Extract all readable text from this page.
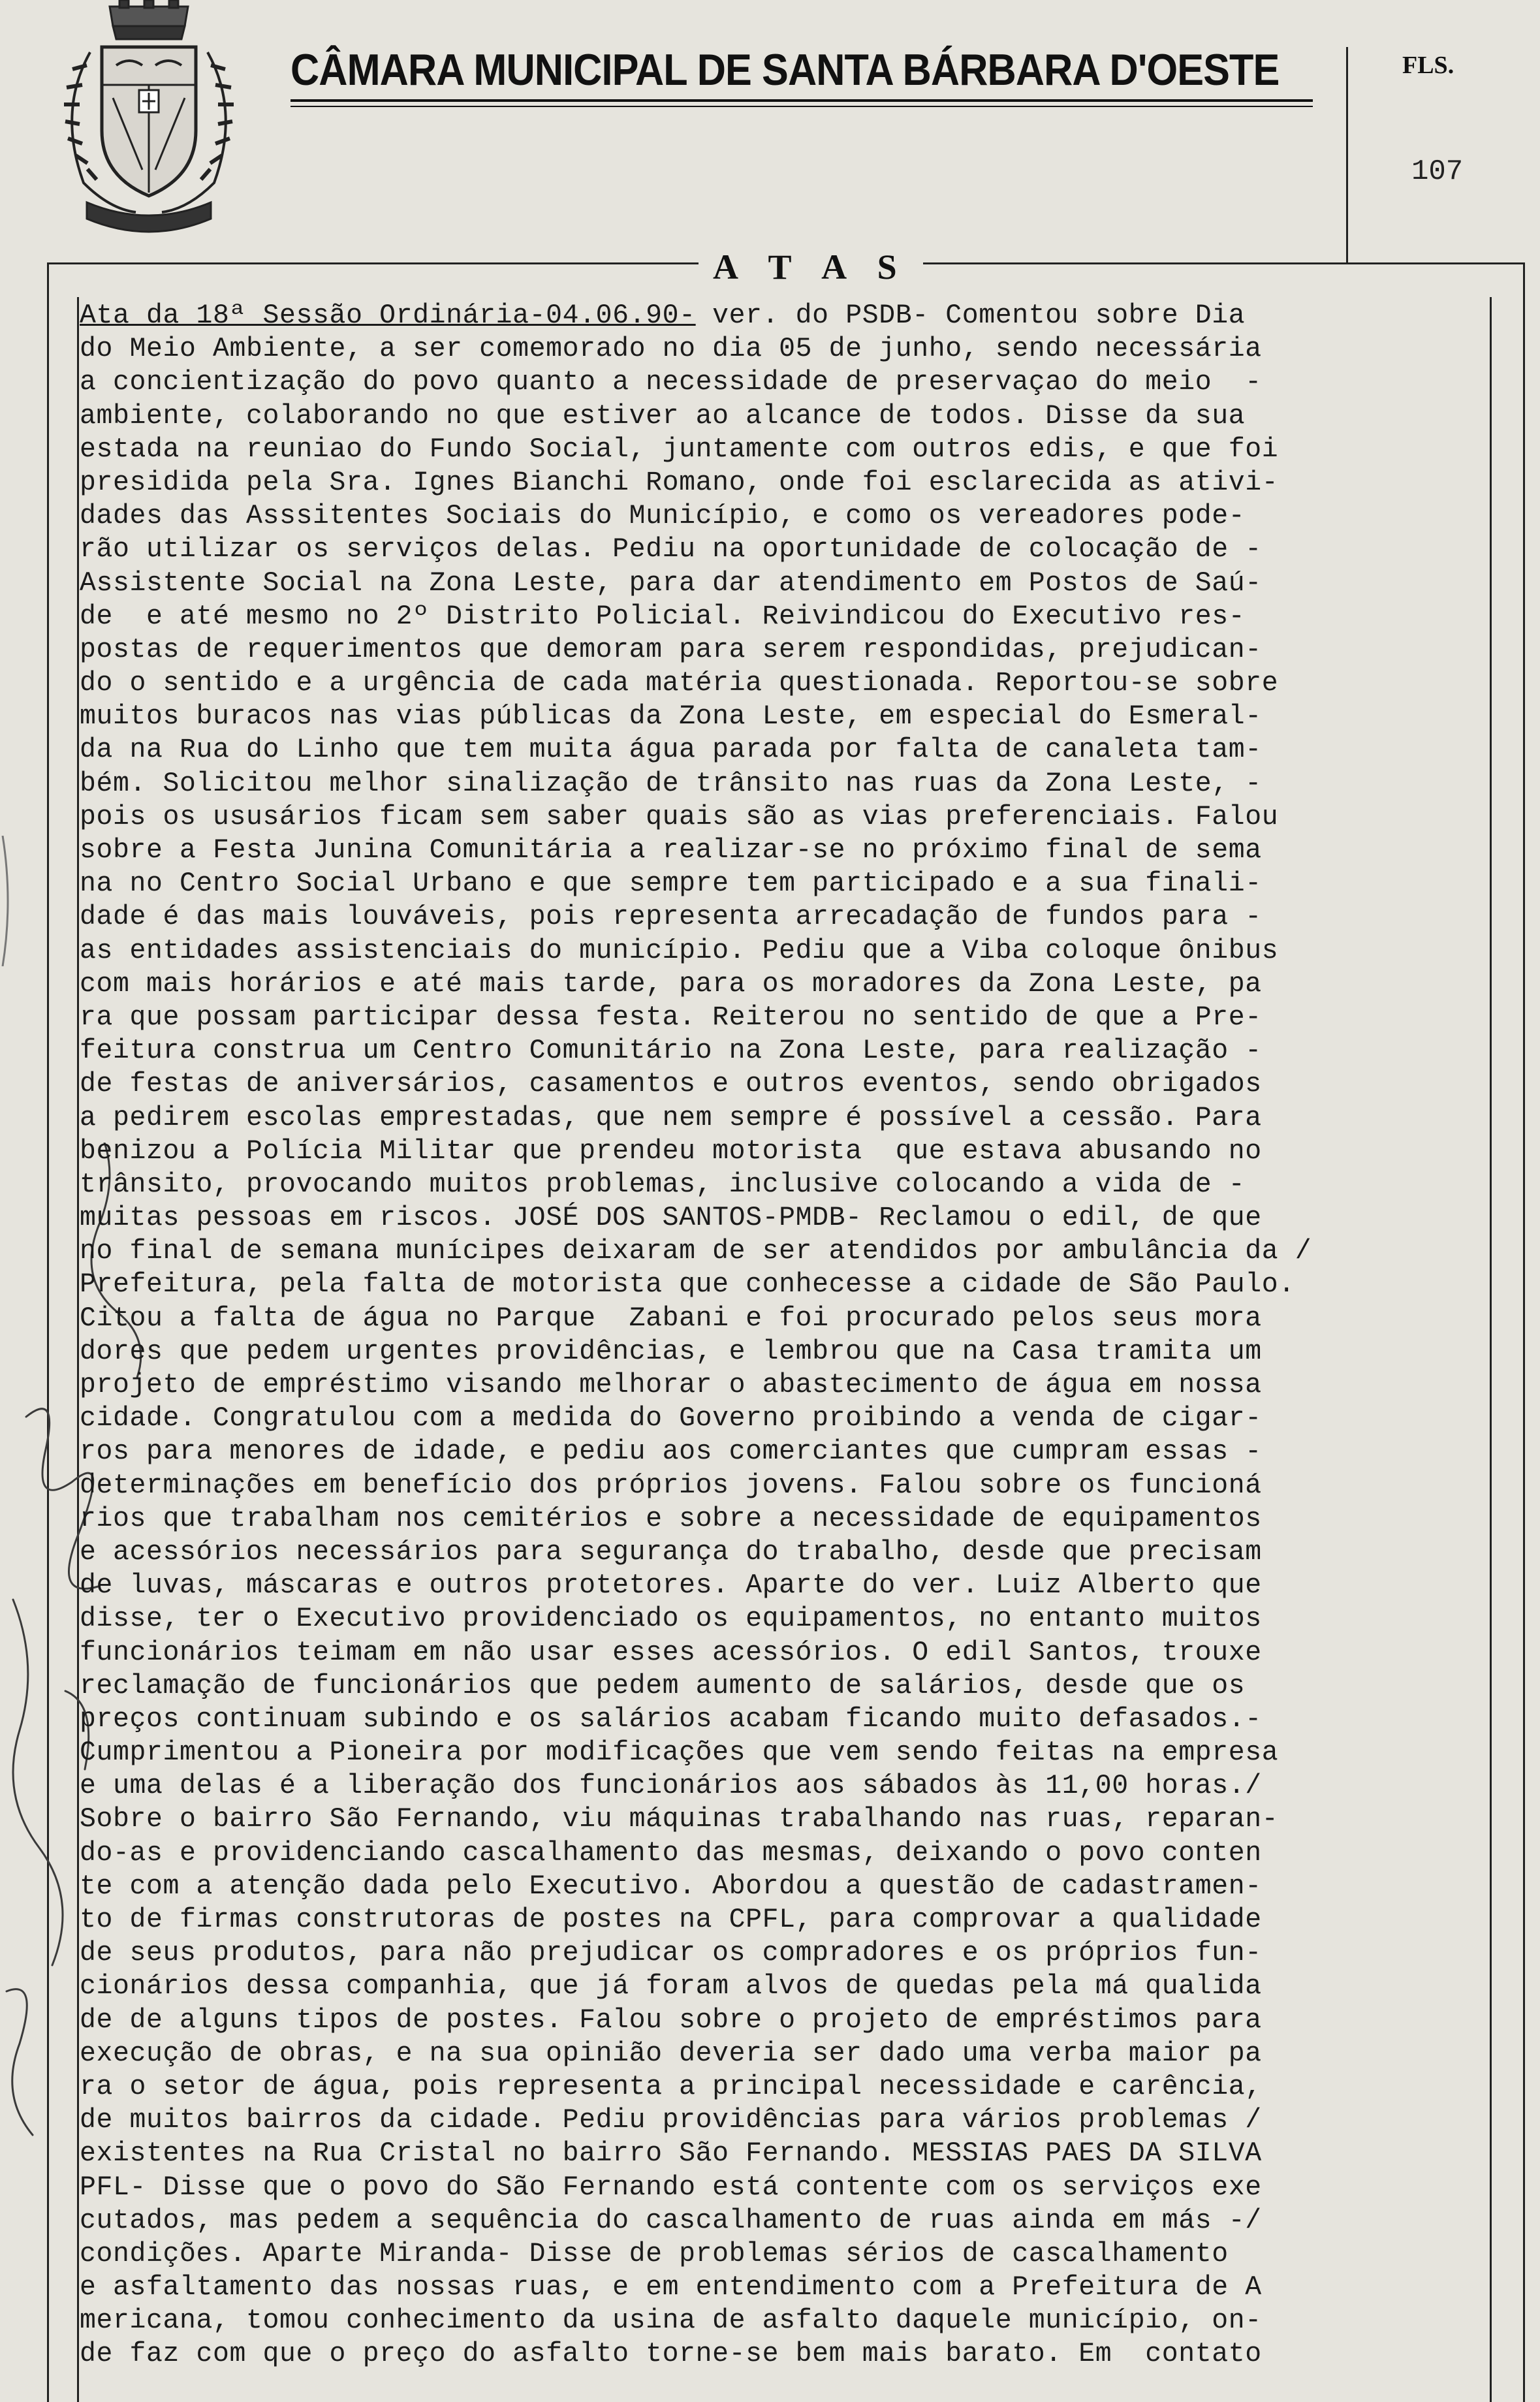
CÂMARA MUNICIPAL DE SANTA BÁRBARA D'OESTE	FLS.
107
A T A S
Ata da 18ª Sessão Ordinária-04.06.90- ver. do PSDB- Comentou sobre Dia
do Meio Ambiente, a ser comemorado no dia 05 de junho, sendo necessária
a concientização do povo quanto a necessidade de preservaçao do meio  -
ambiente, colaborando no que estiver ao alcance de todos. Disse da sua
estada na reuniao do Fundo Social, juntamente com outros edis, e que foi
presidida pela Sra. Ignes Bianchi Romano, onde foi esclarecida as ativi-
dades das Asssitentes Sociais do Município, e como os vereadores pode-
rão utilizar os serviços delas. Pediu na oportunidade de colocação de -
Assistente Social na Zona Leste, para dar atendimento em Postos de Saú-
de  e até mesmo no 2º Distrito Policial. Reivindicou do Executivo res-
postas de requerimentos que demoram para serem respondidas, prejudican-
do o sentido e a urgência de cada matéria questionada. Reportou-se sobre
muitos buracos nas vias públicas da Zona Leste, em especial do Esmeral-
da na Rua do Linho que tem muita água parada por falta de canaleta tam-
bém. Solicitou melhor sinalização de trânsito nas ruas da Zona Leste, -
pois os ususários ficam sem saber quais são as vias preferenciais. Falou
sobre a Festa Junina Comunitária a realizar-se no próximo final de sema
na no Centro Social Urbano e que sempre tem participado e a sua finali-
dade é das mais louváveis, pois representa arrecadação de fundos para -
as entidades assistenciais do município. Pediu que a Viba coloque ônibus
com mais horários e até mais tarde, para os moradores da Zona Leste, pa
ra que possam participar dessa festa. Reiterou no sentido de que a Pre-
feitura construa um Centro Comunitário na Zona Leste, para realização -
de festas de aniversários, casamentos e outros eventos, sendo obrigados
a pedirem escolas emprestadas, que nem sempre é possível a cessão. Para
benizou a Polícia Militar que prendeu motorista  que estava abusando no
trânsito, provocando muitos problemas, inclusive colocando a vida de -
muitas pessoas em riscos. JOSÉ DOS SANTOS-PMDB- Reclamou o edil, de que
no final de semana munícipes deixaram de ser atendidos por ambulância da /
Prefeitura, pela falta de motorista que conhecesse a cidade de São Paulo.
Citou a falta de água no Parque  Zabani e foi procurado pelos seus mora
dores que pedem urgentes providências, e lembrou que na Casa tramita um
projeto de empréstimo visando melhorar o abastecimento de água em nossa
cidade. Congratulou com a medida do Governo proibindo a venda de cigar-
ros para menores de idade, e pediu aos comerciantes que cumpram essas -
determinações em benefício dos próprios jovens. Falou sobre os funcioná
rios que trabalham nos cemitérios e sobre a necessidade de equipamentos
e acessórios necessários para segurança do trabalho, desde que precisam
de luvas, máscaras e outros protetores. Aparte do ver. Luiz Alberto que
disse, ter o Executivo providenciado os equipamentos, no entanto muitos
funcionários teimam em não usar esses acessórios. O edil Santos, trouxe
reclamação de funcionários que pedem aumento de salários, desde que os
preços continuam subindo e os salários acabam ficando muito defasados.-
Cumprimentou a Pioneira por modificações que vem sendo feitas na empresa
e uma delas é a liberação dos funcionários aos sábados às 11,00 horas./
Sobre o bairro São Fernando, viu máquinas trabalhando nas ruas, reparan-
do-as e providenciando cascalhamento das mesmas, deixando o povo conten
te com a atenção dada pelo Executivo. Abordou a questão de cadastramen-
to de firmas construtoras de postes na CPFL, para comprovar a qualidade
de seus produtos, para não prejudicar os compradores e os próprios fun-
cionários dessa companhia, que já foram alvos de quedas pela má qualida
de de alguns tipos de postes. Falou sobre o projeto de empréstimos para
execução de obras, e na sua opinião deveria ser dado uma verba maior pa
ra o setor de água, pois representa a principal necessidade e carência,
de muitos bairros da cidade. Pediu providências para vários problemas /
existentes na Rua Cristal no bairro São Fernando. MESSIAS PAES DA SILVA
PFL- Disse que o povo do São Fernando está contente com os serviços exe
cutados, mas pedem a sequência do cascalhamento de ruas ainda em más -/
condições. Aparte Miranda- Disse de problemas sérios de cascalhamento
e asfaltamento das nossas ruas, e em entendimento com a Prefeitura de A
mericana, tomou conhecimento da usina de asfalto daquele município, on-
de faz com que o preço do asfalto torne-se bem mais barato. Em  contato
